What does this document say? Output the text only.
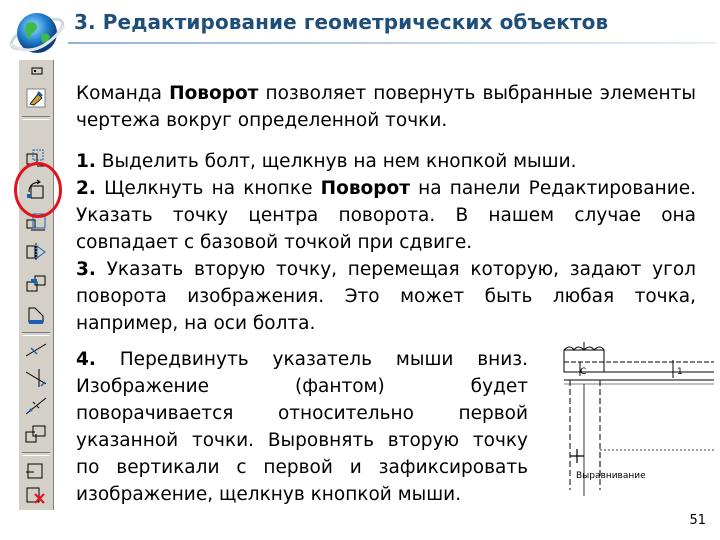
3. Редактирование геометрических объектов
Команда Поворот позволяет повернуть выбранные элементы чертежа вокруг определенной точки.
1. Выделить болт, щелкнув на нем кнопкой мыши.
2. Щелкнуть на кнопке Поворот на панели Редактирование. Указать точку центра поворота. В нашем случае она совпадает с базовой точкой при сдвиге.
3. Указать вторую точку, перемещая которую, задают угол поворота изображения. Это может быть любая точка, например, на оси болта.
4. Передвинуть указатель мыши вниз.
Изображение (фантом) будет
поворачивается относительно первой
указанной точки. Выровнять вторую точку
по вертикали с первой и зафиксировать
изображение, щелкнув кнопкой мыши.
С	1
Выравнивание
51
